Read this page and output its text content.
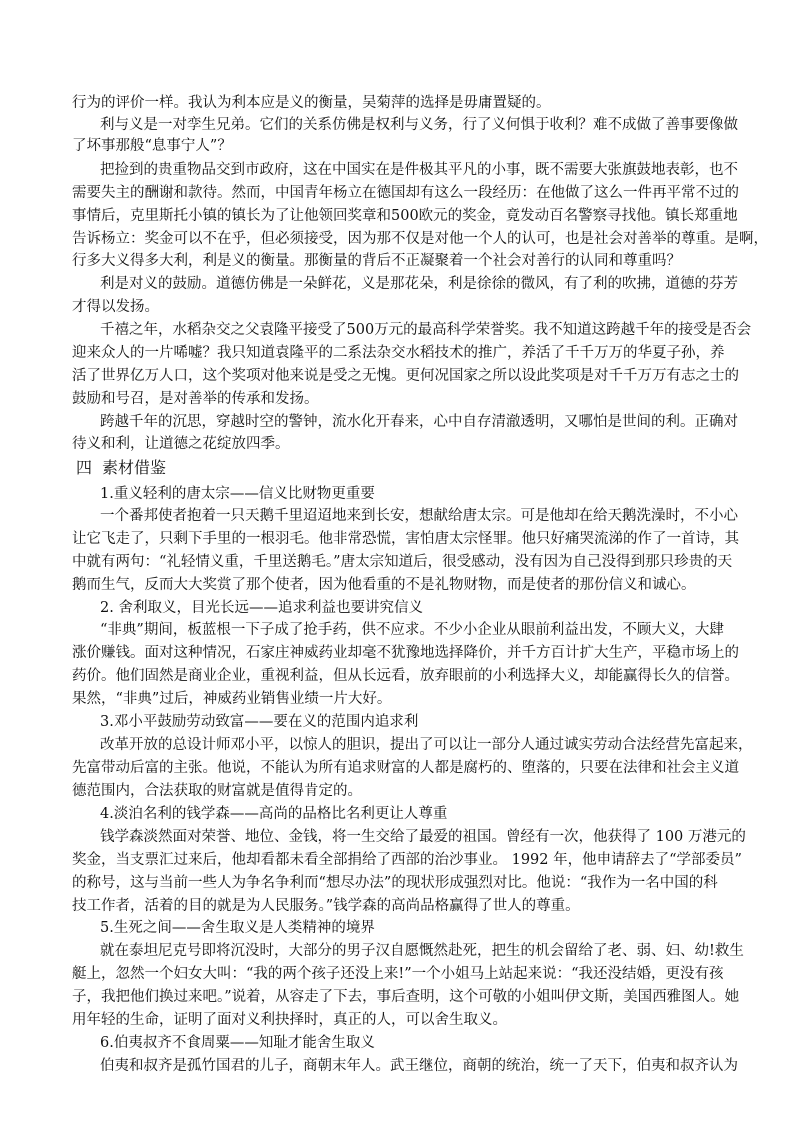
行为的评价一样。我认为利本应是义的衡量，吴菊萍的选择是毋庸置疑的。
利与义是一对孪生兄弟。它们的关系仿佛是权利与义务，行了义何惧于收利？难不成做了善事要像做
了坏事那般“息事宁人”？
把捡到的贵重物品交到市政府，这在中国实在是件极其平凡的小事，既不需要大张旗鼓地表彰，也不
需要失主的酬谢和款待。然而，中国青年杨立在德国却有这么一段经历：在他做了这么一件再平常不过的
事情后，克里斯托小镇的镇长为了让他领回奖章和500欧元的奖金，竟发动百名警察寻找他。镇长郑重地
告诉杨立：奖金可以不在乎，但必须接受，因为那不仅是对他一个人的认可，也是社会对善举的尊重。是啊，
行多大义得多大利，利是义的衡量。那衡量的背后不正凝聚着一个社会对善行的认同和尊重吗？
利是对义的鼓励。道德仿佛是一朵鲜花，义是那花朵，利是徐徐的微风，有了利的吹拂，道德的芬芳
才得以发扬。
千禧之年，水稻杂交之父袁隆平接受了500万元的最高科学荣誉奖。我不知道这跨越千年的接受是否会
迎来众人的一片唏嘘？我只知道袁隆平的二系法杂交水稻技术的推广，养活了千千万万的华夏子孙，养
活了世界亿万人口，这个奖项对他来说是受之无愧。更何况国家之所以设此奖项是对千千万万有志之士的
鼓励和号召，是对善举的传承和发扬。
跨越千年的沉思，穿越时空的警钟，流水化开春来，心中自存清澈透明，又哪怕是世间的利。正确对
待义和利，让道德之花绽放四季。
四 素材借鉴
1.重义轻利的唐太宗——信义比财物更重要
一个番邦使者抱着一只天鹅千里迢迢地来到长安，想献给唐太宗。可是他却在给天鹅洗澡时，不小心
让它飞走了，只剩下手里的一根羽毛。他非常恐慌，害怕唐太宗怪罪。他只好痛哭流涕的作了一首诗，其
中就有两句：“礼轻情义重，千里送鹅毛。”唐太宗知道后，很受感动，没有因为自己没得到那只珍贵的天
鹅而生气，反而大大奖赏了那个使者，因为他看重的不是礼物财物，而是使者的那份信义和诚心。
2. 舍利取义，目光长远——追求利益也要讲究信义
“非典”期间，板蓝根一下子成了抢手药，供不应求。不少小企业从眼前利益出发，不顾大义，大肆
涨价赚钱。面对这种情况，石家庄神威药业却毫不犹豫地选择降价，并千方百计扩大生产，平稳市场上的
药价。他们固然是商业企业，重视利益，但从长远看，放弃眼前的小利选择大义，却能赢得长久的信誉。
果然，“非典”过后，神威药业销售业绩一片大好。
3.邓小平鼓励劳动致富——要在义的范围内追求利
改革开放的总设计师邓小平，以惊人的胆识，提出了可以让一部分人通过诚实劳动合法经营先富起来，
先富带动后富的主张。他说，不能认为所有追求财富的人都是腐朽的、堕落的，只要在法律和社会主义道
德范围内，合法获取的财富就是值得肯定的。
4.淡泊名利的钱学森——高尚的品格比名利更让人尊重
钱学森淡然面对荣誉、地位、金钱，将一生交给了最爱的祖国。曾经有一次，他获得了 100 万港元的
奖金，当支票汇过来后，他却看都未看全部捐给了西部的治沙事业。 1992 年，他申请辞去了“学部委员”
的称号，这与当前一些人为争名争利而“想尽办法”的现状形成强烈对比。他说：“我作为一名中国的科
技工作者，活着的目的就是为人民服务。”钱学森的高尚品格赢得了世人的尊重。
5.生死之间——舍生取义是人类精神的境界
就在泰坦尼克号即将沉没时，大部分的男子汉自愿慨然赴死，把生的机会留给了老、弱、妇、幼!救生
艇上，忽然一个妇女大叫：“我的两个孩子还没上来!”一个小姐马上站起来说：“我还没结婚，更没有孩
子，我把他们换过来吧。”说着，从容走了下去，事后查明，这个可敬的小姐叫伊文斯，美国西雅图人。她
用年轻的生命，证明了面对义利抉择时，真正的人，可以舍生取义。
6.伯夷叔齐不食周粟——知耻才能舍生取义
伯夷和叔齐是孤竹国君的儿子，商朝末年人。武王继位，商朝的统治，统一了天下，伯夷和叔齐认为
